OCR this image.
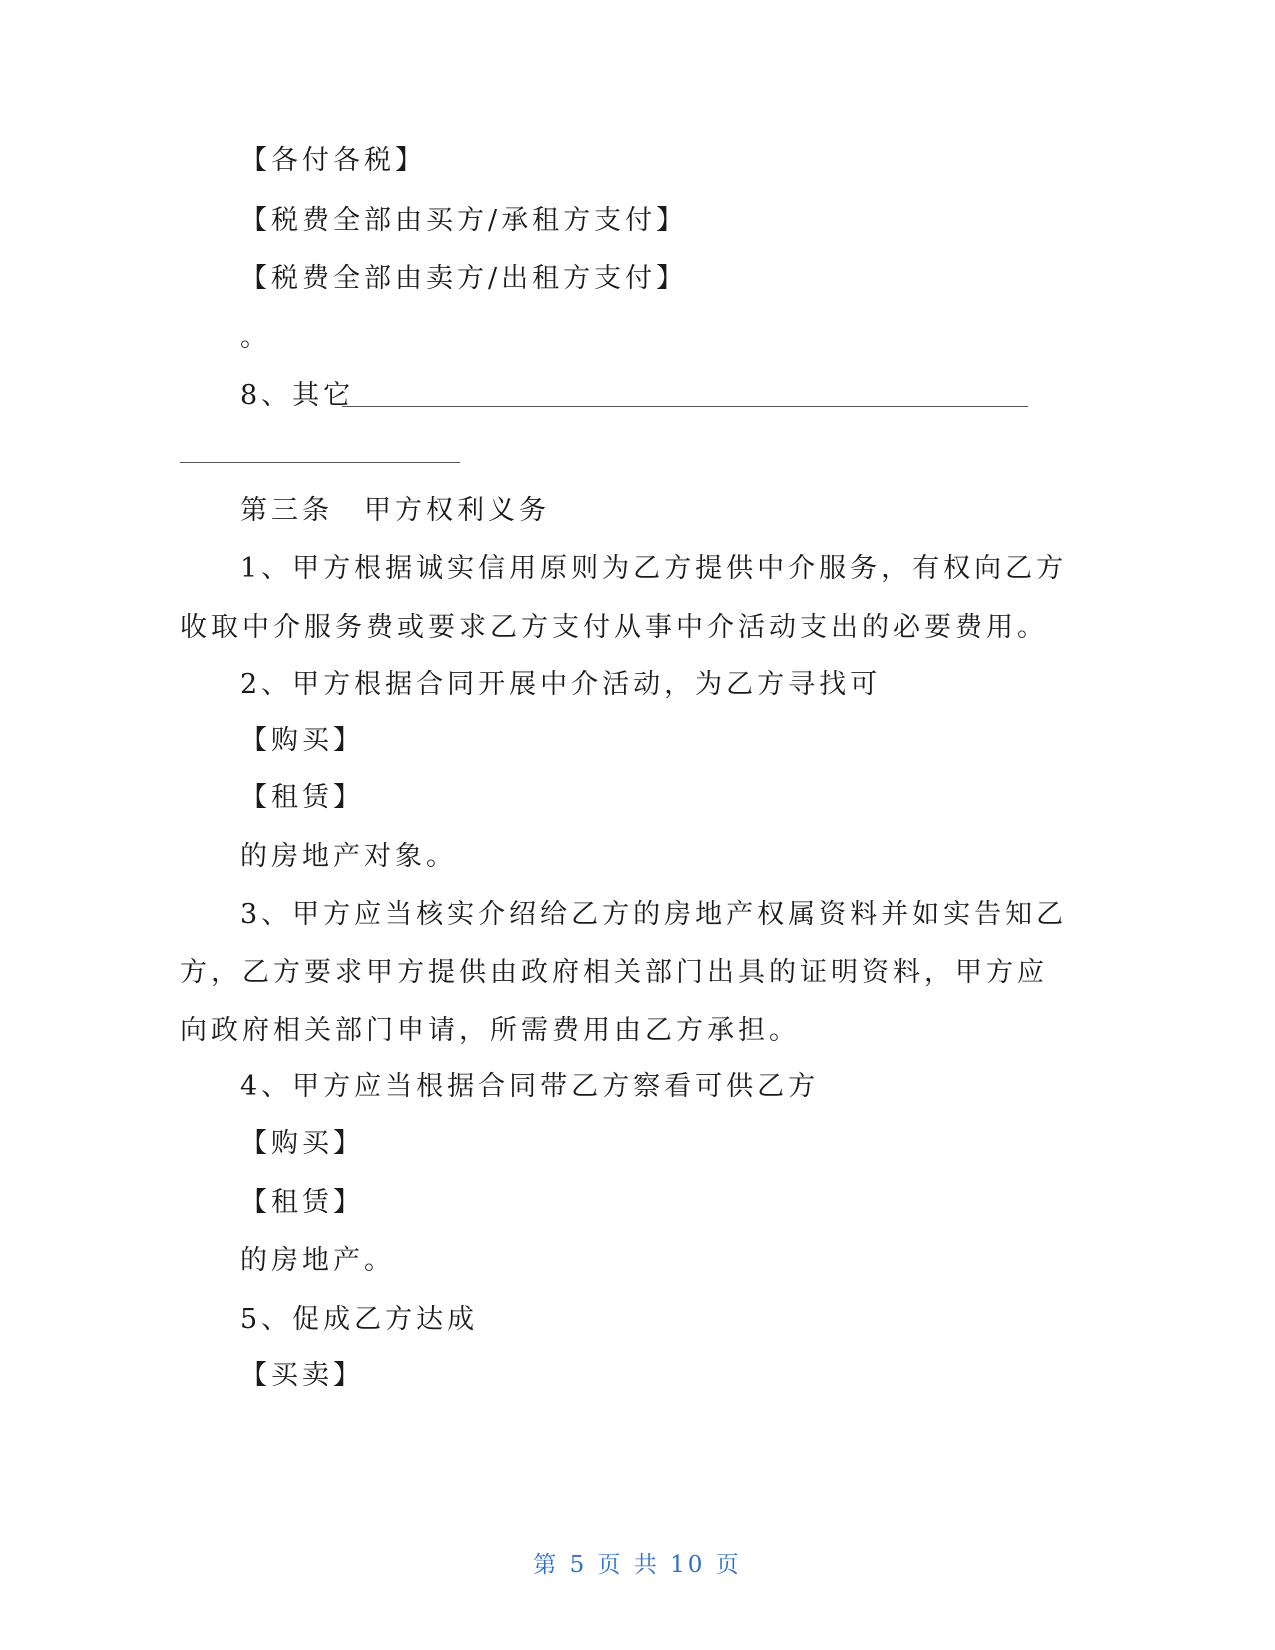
【各付各税】
【税费全部由买方/承租方支付】
【税费全部由卖方/出租方支付】
。
8、其它
第三条　甲方权利义务
1、甲方根据诚实信用原则为乙方提供中介服务，有权向乙方
收取中介服务费或要求乙方支付从事中介活动支出的必要费用。
2、甲方根据合同开展中介活动，为乙方寻找可
【购买】
【租赁】
的房地产对象。
3、甲方应当核实介绍给乙方的房地产权属资料并如实告知乙
方，乙方要求甲方提供由政府相关部门出具的证明资料，甲方应
向政府相关部门申请，所需费用由乙方承担。
4、甲方应当根据合同带乙方察看可供乙方
【购买】
【租赁】
的房地产。
5、促成乙方达成
【买卖】
第 5 页 共 10 页
